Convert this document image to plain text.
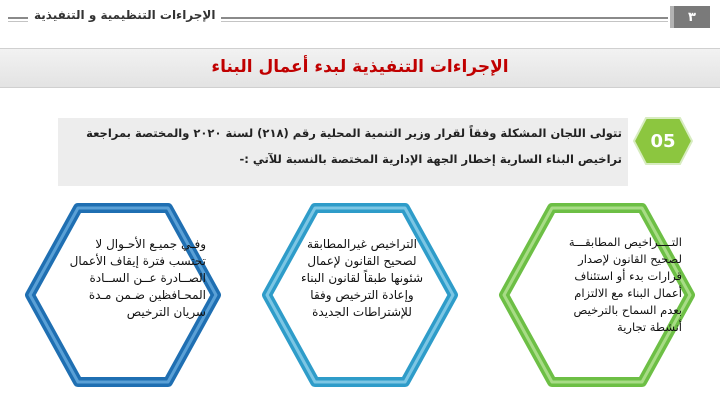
الإجراءات التنظيمية و التنفيذية	٣
الإجراءات التنفيذية لبدء أعمال البناء
تتولى اللجان المشكلة وفقاً لقرار وزير التنمية المحلية رقم (٢١٨) لسنة ٢٠٢٠ والمختصة بمراجعة
تراخيص البناء السارية إخطار الجهة الإدارية المختصة بالنسبة للآتي :-
05
وفـي جميـع الأحـوال لا
تحتسب فترة إيقاف الأعمال
الصــادرة عــن الســادة
المحـافظين ضـمن مـدة
سريان الترخيص
التراخيص غيرالمطابقة
لصحيح القانون لإعمال
شئونها طبقاً لقانون البناء
وإعادة الترخيص وفقا
للإشتراطات الجديدة
التــــراخيص المطابقـــة
لصحيح القانون لإصدار
قرارات بدء أو استئناف
أعمال البناء مع الالتزام
بعدم السماح بالترخيص
أنشطة تجارية
